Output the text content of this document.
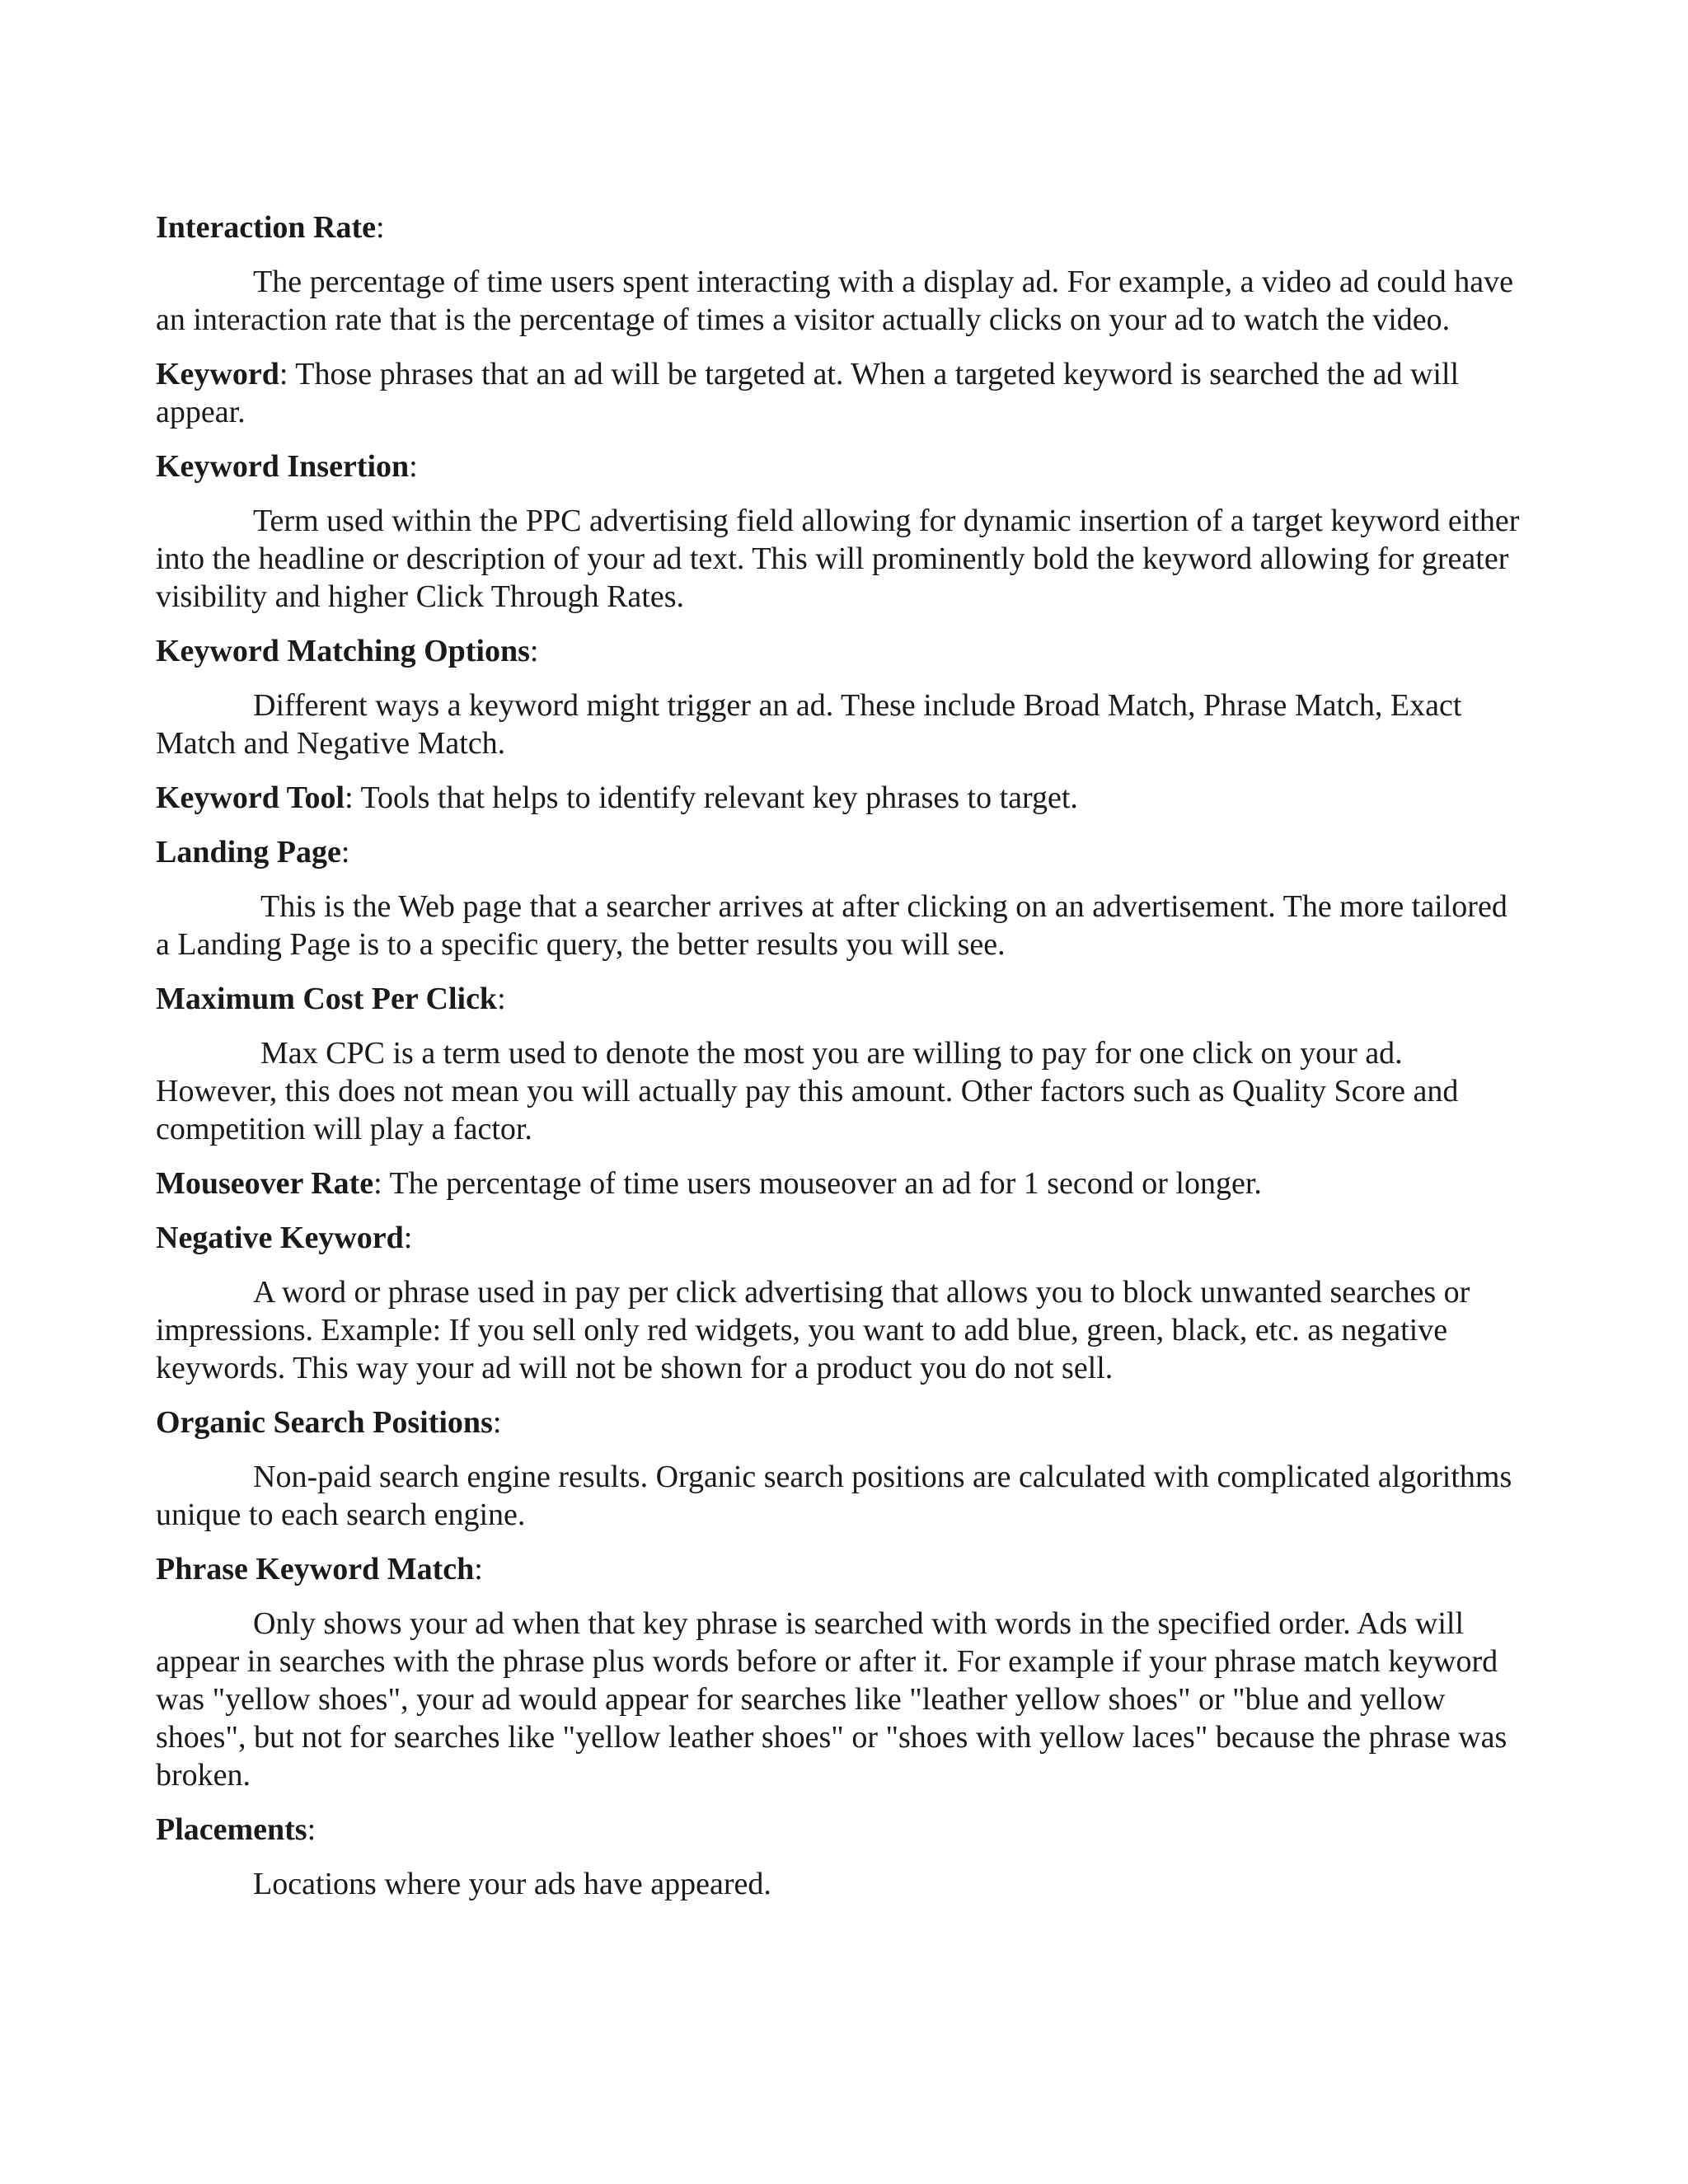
Interaction Rate:

The percentage of time users spent interacting with a display ad. For example, a video ad could have an interaction rate that is the percentage of times a visitor actually clicks on your ad to watch the video.

Keyword: Those phrases that an ad will be targeted at. When a targeted keyword is searched the ad will appear.

Keyword Insertion:

Term used within the PPC advertising field allowing for dynamic insertion of a target keyword either into the headline or description of your ad text. This will prominently bold the keyword allowing for greater visibility and higher Click Through Rates.

Keyword Matching Options:

Different ways a keyword might trigger an ad. These include Broad Match, Phrase Match, Exact Match and Negative Match.

Keyword Tool: Tools that helps to identify relevant key phrases to target.

Landing Page:

This is the Web page that a searcher arrives at after clicking on an advertisement. The more tailored a Landing Page is to a specific query, the better results you will see.

Maximum Cost Per Click:

Max CPC is a term used to denote the most you are willing to pay for one click on your ad. However, this does not mean you will actually pay this amount. Other factors such as Quality Score and competition will play a factor.

Mouseover Rate: The percentage of time users mouseover an ad for 1 second or longer.

Negative Keyword:

A word or phrase used in pay per click advertising that allows you to block unwanted searches or impressions. Example: If you sell only red widgets, you want to add blue, green, black, etc. as negative keywords. This way your ad will not be shown for a product you do not sell.

Organic Search Positions:

Non-paid search engine results. Organic search positions are calculated with complicated algorithms unique to each search engine.

Phrase Keyword Match:

Only shows your ad when that key phrase is searched with words in the specified order. Ads will appear in searches with the phrase plus words before or after it. For example if your phrase match keyword was "yellow shoes", your ad would appear for searches like "leather yellow shoes" or "blue and yellow shoes", but not for searches like "yellow leather shoes" or "shoes with yellow laces" because the phrase was broken.

Placements:

Locations where your ads have appeared.
